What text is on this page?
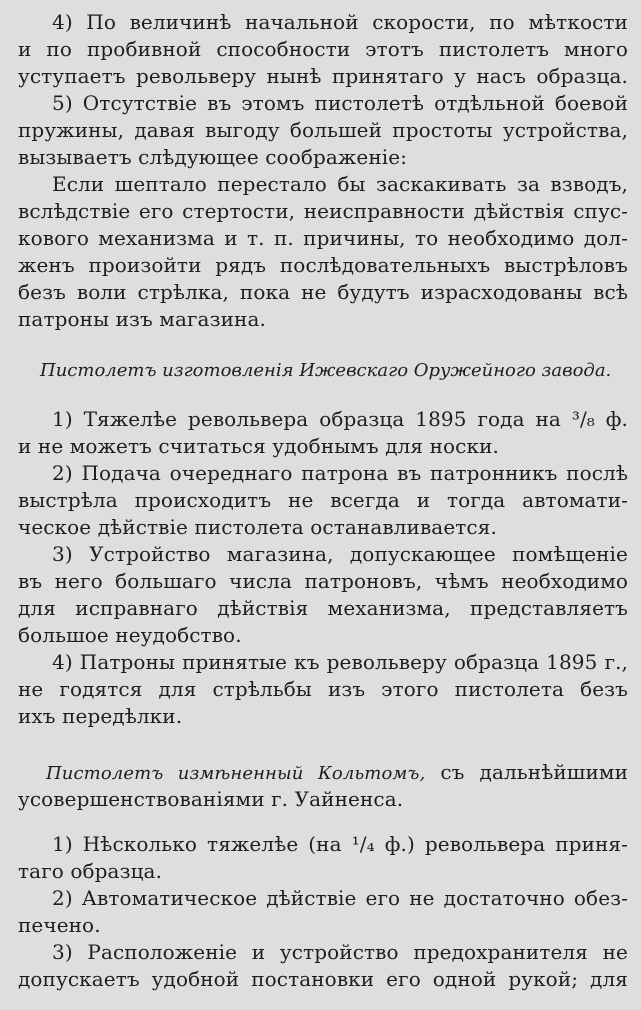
4) По величинѣ начальной скорости, по мѣткости
и по пробивной способности этотъ пистолетъ много
уступаетъ револьверу нынѣ принятаго у насъ образца.
5) Отсутствіе въ этомъ пистолетѣ отдѣльной боевой
пружины, давая выгоду большей простоты устройства,
вызываетъ слѣдующее соображеніе:
Если шептало перестало бы заскакивать за взводъ,
вслѣдствіе его стертости, неисправности дѣйствія спус-
кового механизма и т. п. причины, то необходимо дол-
женъ произойти рядъ послѣдовательныхъ выстрѣловъ
безъ воли стрѣлка, пока не будутъ израсходованы всѣ
патроны изъ магазина.
Пистолетъ изготовленія Ижевскаго Оружейного завода.
1) Тяжелѣе револьвера образца 1895 года на ³/₈ ф.
и не можетъ считаться удобнымъ для носки.
2) Подача очереднаго патрона въ патронникъ послѣ
выстрѣла происходитъ не всегда и тогда автомати-
ческое дѣйствіе пистолета останавливается.
3) Устройство магазина, допускающее помѣщеніе
въ него большаго числа патроновъ, чѣмъ необходимо
для исправнаго дѣйствія механизма, представляетъ
большое неудобство.
4) Патроны принятые къ револьверу образца 1895 г.,
не годятся для стрѣльбы изъ этого пистолета безъ
ихъ передѣлки.
Пистолетъ измѣненный Кольтомъ, съ дальнѣйшими
усовершенствованіями г. Уайненса.
1) Нѣсколько тяжелѣе (на ¹/₄ ф.) револьвера приня-
таго образца.
2) Автоматическое дѣйствіе его не достаточно обез-
печено.
3) Расположеніе и устройство предохранителя не
допускаетъ удобной постановки его одной рукой; для
